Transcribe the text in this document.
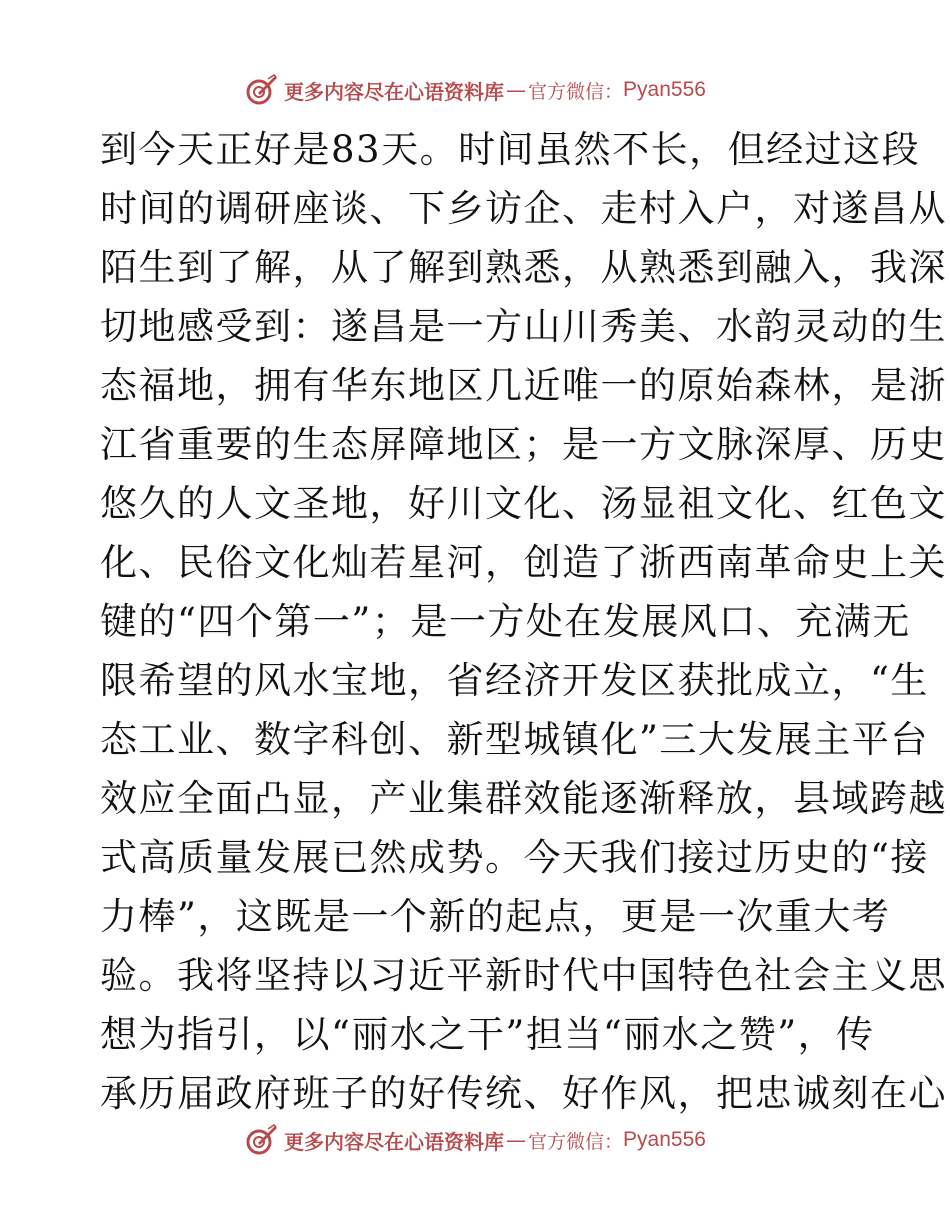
更多内容尽在心语资料库 — 官方微信： Pyan556
到今天正好是83天。时间虽然不长，但经过这段
时间的调研座谈、下乡访企、走村入户，对遂昌从
陌生到了解，从了解到熟悉，从熟悉到融入，我深
切地感受到：遂昌是一方山川秀美、水韵灵动的生
态福地，拥有华东地区几近唯一的原始森林，是浙
江省重要的生态屏障地区；是一方文脉深厚、历史
悠久的人文圣地，好川文化、汤显祖文化、红色文
化、民俗文化灿若星河，创造了浙西南革命史上关
键的“四个第一”；是一方处在发展风口、充满无
限希望的风水宝地，省经济开发区获批成立，“生
态工业、数字科创、新型城镇化”三大发展主平台
效应全面凸显，产业集群效能逐渐释放，县域跨越
式高质量发展已然成势。今天我们接过历史的“接
力棒”，这既是一个新的起点，更是一次重大考
验。我将坚持以习近平新时代中国特色社会主义思
想为指引，以“丽水之干”担当“丽水之赞”，传
承历届政府班子的好传统、好作风，把忠诚刻在心
更多内容尽在心语资料库 — 官方微信： Pyan556
